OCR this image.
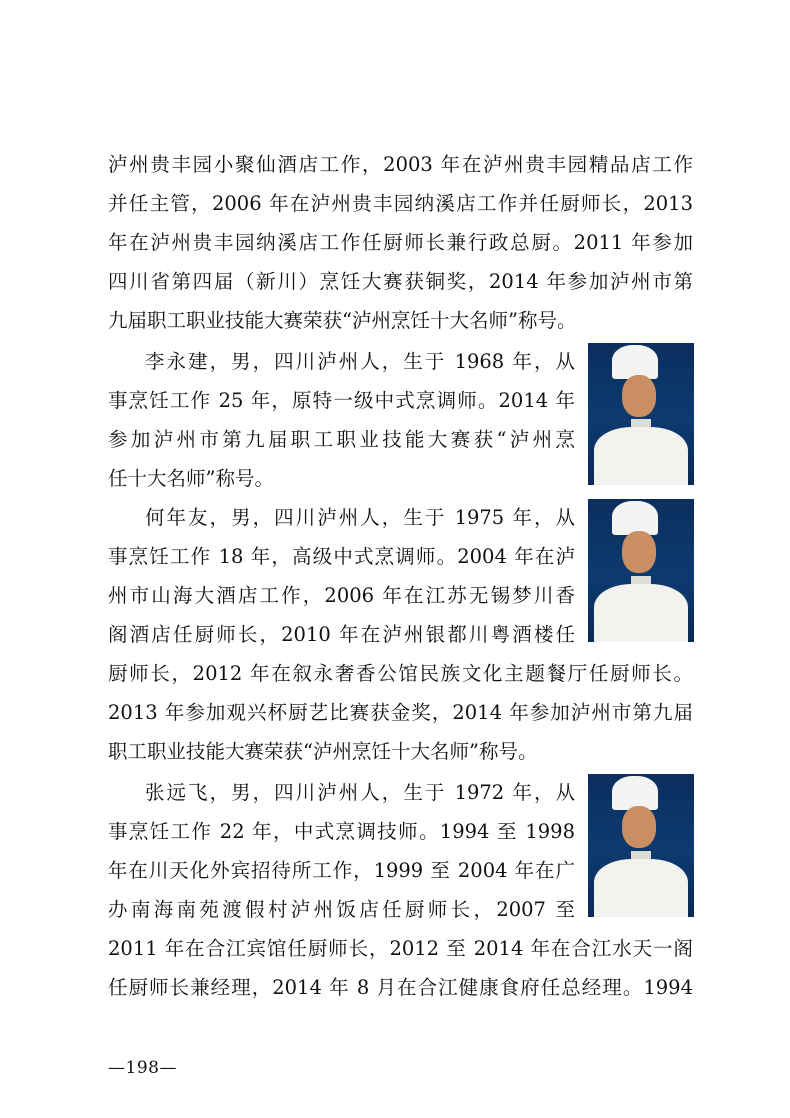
泸州贵丰园小聚仙酒店工作，2003 年在泸州贵丰园精品店工作
并任主管，2006 年在泸州贵丰园纳溪店工作并任厨师长，2013
年在泸州贵丰园纳溪店工作任厨师长兼行政总厨。2011 年参加
四川省第四届（新川）烹饪大赛获铜奖，2014 年参加泸州市第
九届职工职业技能大赛荣获“泸州烹饪十大名师”称号。
李永建，男，四川泸州人，生于 1968 年，从
事烹饪工作 25 年，原特一级中式烹调师。2014 年
参加泸州市第九届职工职业技能大赛获“泸州烹
任十大名师”称号。
何年友，男，四川泸州人，生于 1975 年，从
事烹饪工作 18 年，高级中式烹调师。2004 年在泸
州市山海大酒店工作，2006 年在江苏无锡梦川香
阁酒店任厨师长，2010 年在泸州银都川粤酒楼任
厨师长，2012 年在叙永奢香公馆民族文化主题餐厅任厨师长。
2013 年参加观兴杯厨艺比赛获金奖，2014 年参加泸州市第九届
职工职业技能大赛荣获“泸州烹饪十大名师”称号。
张远飞，男，四川泸州人，生于 1972 年，从
事烹饪工作 22 年，中式烹调技师。1994 至 1998
年在川天化外宾招待所工作，1999 至 2004 年在广
办南海南苑渡假村泸州饭店任厨师长，2007 至
2011 年在合江宾馆任厨师长，2012 至 2014 年在合江水天一阁
任厨师长兼经理，2014 年 8 月在合江健康食府任总经理。1994
—198—
